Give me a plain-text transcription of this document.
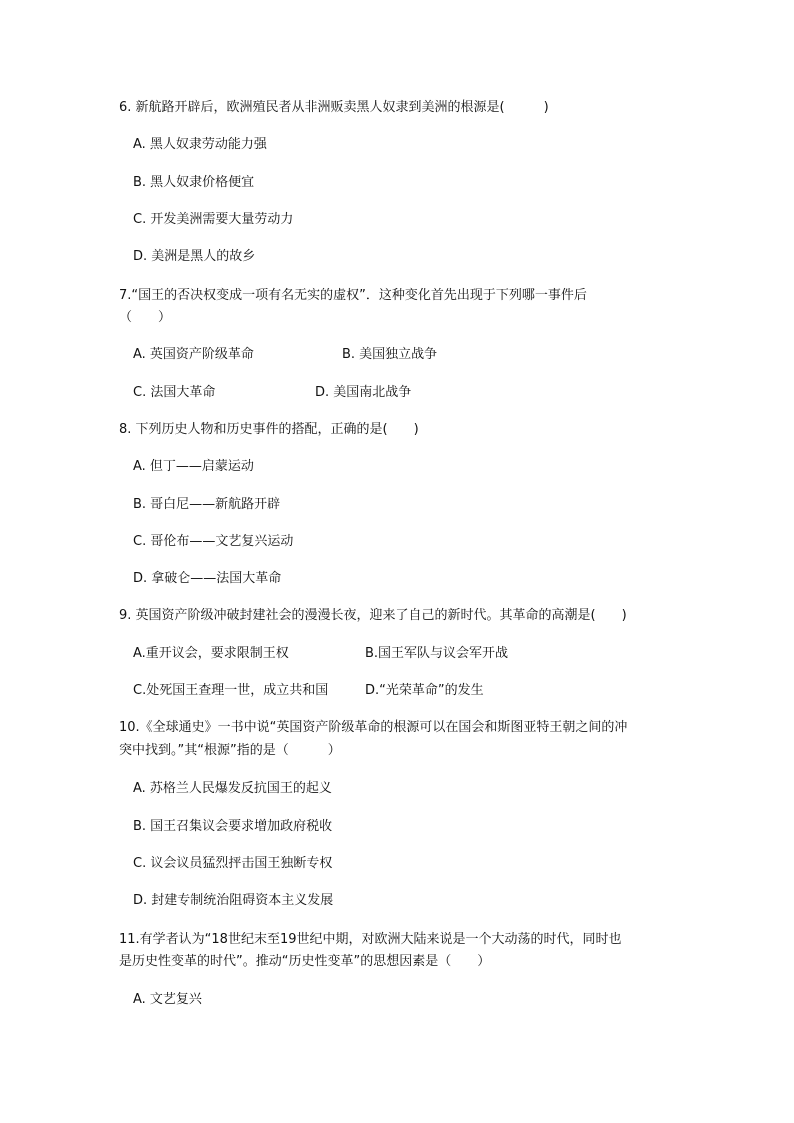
6. 新航路开辟后，欧洲殖民者从非洲贩卖黑人奴隶到美洲的根源是(　　　)
A. 黑人奴隶劳动能力强
B. 黑人奴隶价格便宜
C. 开发美洲需要大量劳动力
D. 美洲是黑人的故乡
7.“国王的否决权变成一项有名无实的虚权”．这种变化首先出现于下列哪一事件后
（　　）
A. 英国资产阶级革命	B. 美国独立战争
C. 法国大革命	D. 美国南北战争
8. 下列历史人物和历史事件的搭配，正确的是(　　)
A. 但丁——启蒙运动
B. 哥白尼——新航路开辟
C. 哥伦布——文艺复兴运动
D. 拿破仑——法国大革命
9. 英国资产阶级冲破封建社会的漫漫长夜，迎来了自己的新时代。其革命的高潮是(　　)
A.重开议会，要求限制王权	B.国王军队与议会军开战
C.处死国王查理一世，成立共和国	D.“光荣革命”的发生
10.《全球通史》一书中说“英国资产阶级革命的根源可以在国会和斯图亚特王朝之间的冲
突中找到。”其“根源”指的是（　　　）
A. 苏格兰人民爆发反抗国王的起义
B. 国王召集议会要求增加政府税收
C. 议会议员猛烈抨击国王独断专权
D. 封建专制统治阻碍资本主义发展
11.有学者认为“18世纪末至19世纪中期，对欧洲大陆来说是一个大动荡的时代，同时也
是历史性变革的时代”。推动“历史性变革”的思想因素是（　　）
A. 文艺复兴
